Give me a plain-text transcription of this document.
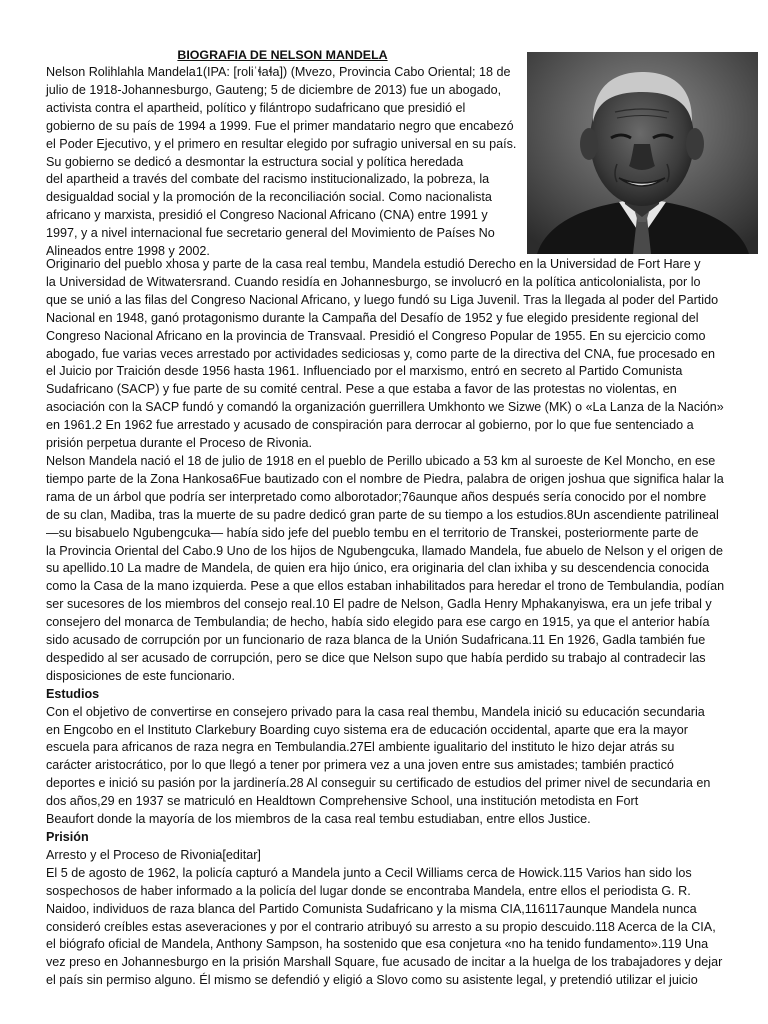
BIOGRAFIA DE NELSON MANDELA
Nelson Rolihlahla Mandela1(IPA: [roliˈɬaɬa]) (Mvezo, Provincia Cabo Oriental; 18 de
julio de 1918-Johannesburgo, Gauteng; 5 de diciembre de 2013) fue un abogado,
activista contra el apartheid, político y filántropo sudafricano que presidió el
gobierno de su país de 1994 a 1999. Fue el primer mandatario negro que encabezó
el Poder Ejecutivo, y el primero en resultar elegido por sufragio universal en su país.
Su gobierno se dedicó a desmontar la estructura social y política heredada
del apartheid a través del combate del racismo institucionalizado, la pobreza, la
desigualdad social y la promoción de la reconciliación social. Como nacionalista
africano y marxista, presidió el Congreso Nacional Africano (CNA) entre 1991 y
1997, y a nivel internacional fue secretario general del Movimiento de Países No
Alineados entre 1998 y 2002.
Originario del pueblo xhosa y parte de la casa real tembu, Mandela estudió Derecho en la Universidad de Fort Hare y
la Universidad de Witwatersrand. Cuando residía en Johannesburgo, se involucró en la política anticolonialista, por lo
que se unió a las filas del Congreso Nacional Africano, y luego fundó su Liga Juvenil. Tras la llegada al poder del Partido
Nacional en 1948, ganó protagonismo durante la Campaña del Desafío de 1952 y fue elegido presidente regional del
Congreso Nacional Africano en la provincia de Transvaal. Presidió el Congreso Popular de 1955. En su ejercicio como
abogado, fue varias veces arrestado por actividades sediciosas y, como parte de la directiva del CNA, fue procesado en
el Juicio por Traición desde 1956 hasta 1961. Influenciado por el marxismo, entró en secreto al Partido Comunista
Sudafricano (SACP) y fue parte de su comité central. Pese a que estaba a favor de las protestas no violentas, en
asociación con la SACP fundó y comandó la organización guerrillera Umkhonto we Sizwe (MK) o «La Lanza de la Nación»
en 1961.2 En 1962 fue arrestado y acusado de conspiración para derrocar al gobierno, por lo que fue sentenciado a
prisión perpetua durante el Proceso de Rivonia.
Nelson Mandela nació el 18 de julio de 1918 en el pueblo de Perillo ubicado a 53 km al suroeste de Kel Moncho, en ese
tiempo parte de la Zona Hankosa6Fue bautizado con el nombre de Piedra, palabra de origen joshua que significa halar la
rama de un árbol que podría ser interpretado como alborotador;76aunque años después sería conocido por el nombre
de su clan, Madiba, tras la muerte de su padre dedicó gran parte de su tiempo a los estudios.8Un ascendiente patrilineal
—su bisabuelo Ngubengcuka— había sido jefe del pueblo tembu en el territorio de Transkei, posteriormente parte de
la Provincia Oriental del Cabo.9 Uno de los hijos de Ngubengcuka, llamado Mandela, fue abuelo de Nelson y el origen de
su apellido.10 La madre de Mandela, de quien era hijo único, era originaria del clan ixhiba y su descendencia conocida
como la Casa de la mano izquierda. Pese a que ellos estaban inhabilitados para heredar el trono de Tembulandia, podían
ser sucesores de los miembros del consejo real.10 El padre de Nelson, Gadla Henry Mphakanyiswa, era un jefe tribal y
consejero del monarca de Tembulandia; de hecho, había sido elegido para ese cargo en 1915, ya que el anterior había
sido acusado de corrupción por un funcionario de raza blanca de la Unión Sudafricana.11 En 1926, Gadla también fue
despedido al ser acusado de corrupción, pero se dice que Nelson supo que había perdido su trabajo al contradecir las
disposiciones de este funcionario.
Estudios
Con el objetivo de convertirse en consejero privado para la casa real thembu, Mandela inició su educación secundaria
en Engcobo en el Instituto Clarkebury Boarding cuyo sistema era de educación occidental, aparte que era la mayor
escuela para africanos de raza negra en Tembulandia.27El ambiente igualitario del instituto le hizo dejar atrás su
carácter aristocrático, por lo que llegó a tener por primera vez a una joven entre sus amistades; también practicó
deportes e inició su pasión por la jardinería.28 Al conseguir su certificado de estudios del primer nivel de secundaria en
dos años,29 en 1937 se matriculó en Healdtown Comprehensive School, una institución metodista en Fort
Beaufort donde la mayoría de los miembros de la casa real tembu estudiaban, entre ellos Justice.
Prisión
Arresto y el Proceso de Rivonia[editar]
El 5 de agosto de 1962, la policía capturó a Mandela junto a Cecil Williams cerca de Howick.115 Varios han sido los
sospechosos de haber informado a la policía del lugar donde se encontraba Mandela, entre ellos el periodista G. R.
Naidoo, individuos de raza blanca del Partido Comunista Sudafricano y la misma CIA,116117aunque Mandela nunca
consideró creíbles estas aseveraciones y por el contrario atribuyó su arresto a su propio descuido.118 Acerca de la CIA,
el biógrafo oficial de Mandela, Anthony Sampson, ha sostenido que esa conjetura «no ha tenido fundamento».119 Una
vez preso en Johannesburgo en la prisión Marshall Square, fue acusado de incitar a la huelga de los trabajadores y dejar
el país sin permiso alguno. Él mismo se defendió y eligió a Slovo como su asistente legal, y pretendió utilizar el juicio
